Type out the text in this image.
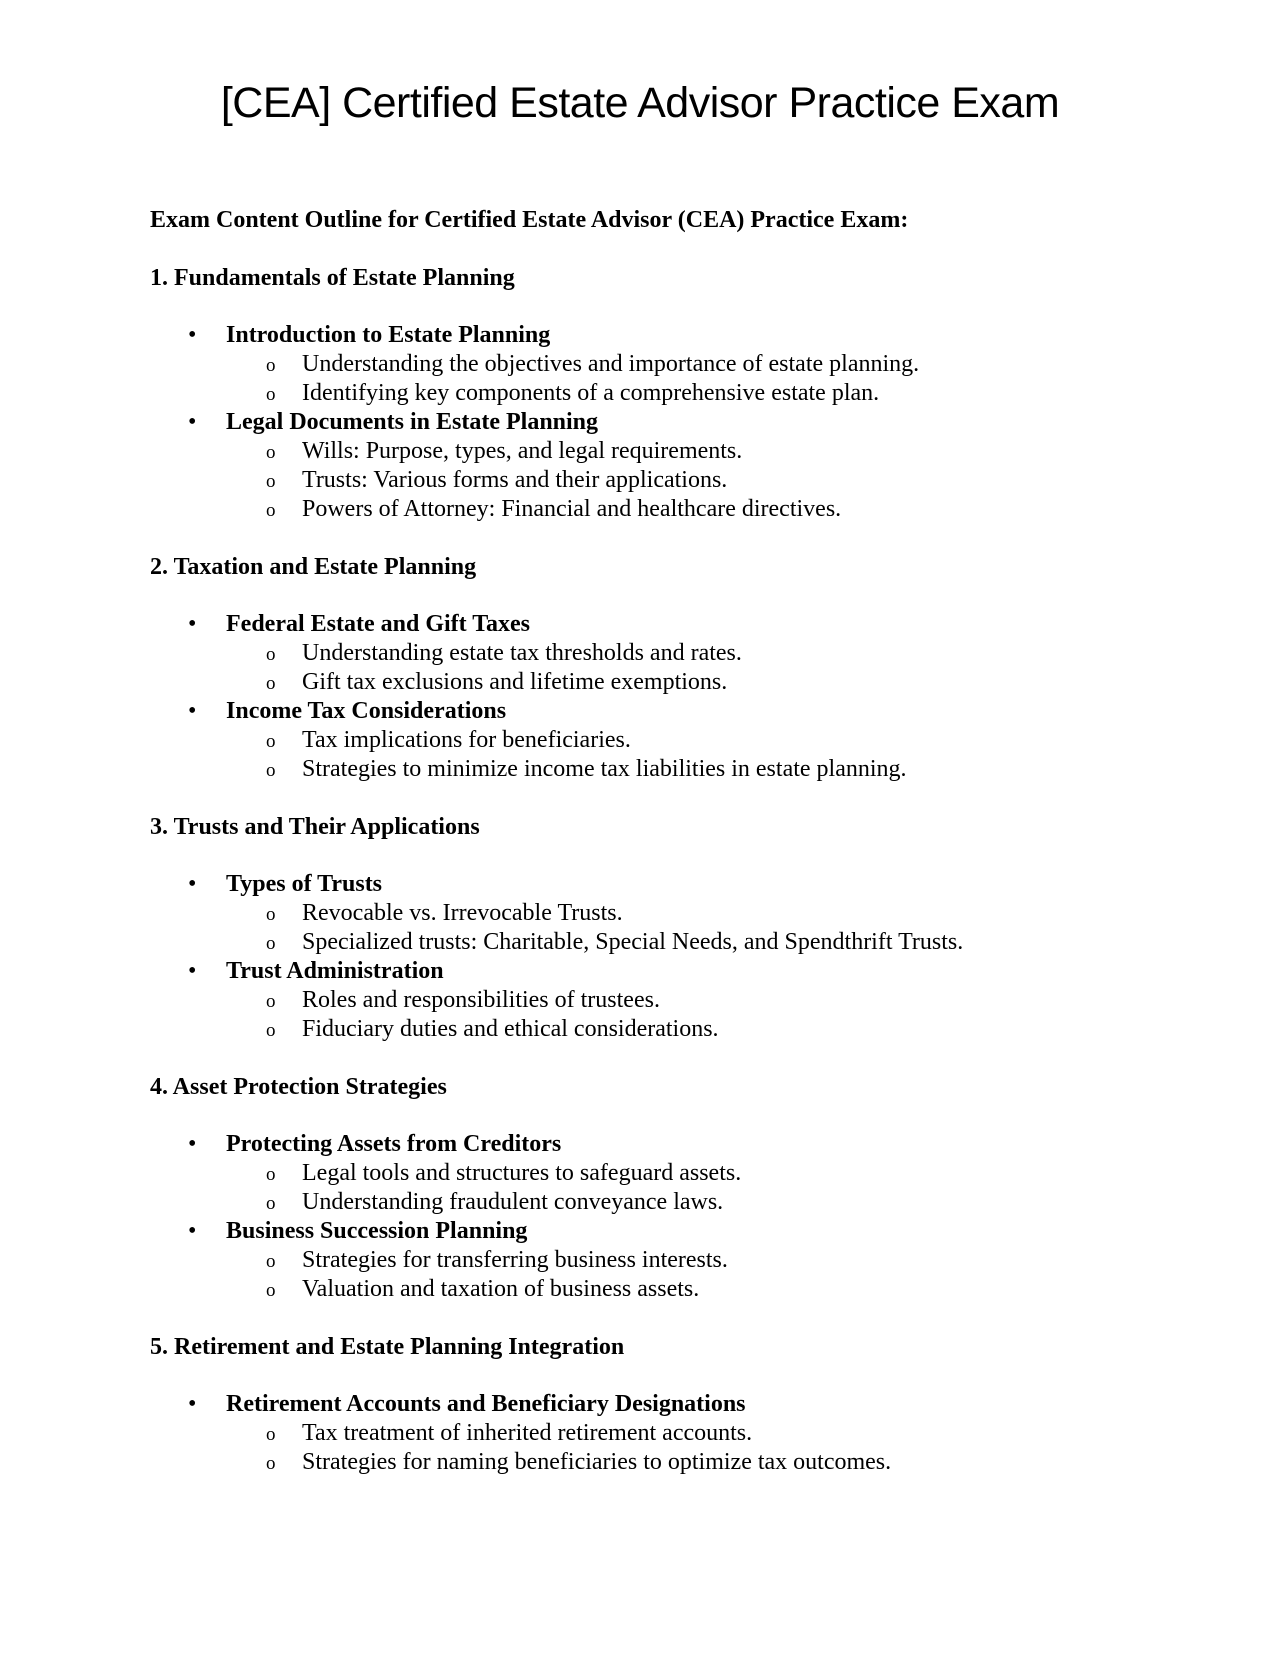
[CEA] Certified Estate Advisor Practice Exam

Exam Content Outline for Certified Estate Advisor (CEA) Practice Exam:

1. Fundamentals of Estate Planning

• Introduction to Estate Planning
o Understanding the objectives and importance of estate planning.
o Identifying key components of a comprehensive estate plan.
• Legal Documents in Estate Planning
o Wills: Purpose, types, and legal requirements.
o Trusts: Various forms and their applications.
o Powers of Attorney: Financial and healthcare directives.

2. Taxation and Estate Planning

• Federal Estate and Gift Taxes
o Understanding estate tax thresholds and rates.
o Gift tax exclusions and lifetime exemptions.
• Income Tax Considerations
o Tax implications for beneficiaries.
o Strategies to minimize income tax liabilities in estate planning.

3. Trusts and Their Applications

• Types of Trusts
o Revocable vs. Irrevocable Trusts.
o Specialized trusts: Charitable, Special Needs, and Spendthrift Trusts.
• Trust Administration
o Roles and responsibilities of trustees.
o Fiduciary duties and ethical considerations.

4. Asset Protection Strategies

• Protecting Assets from Creditors
o Legal tools and structures to safeguard assets.
o Understanding fraudulent conveyance laws.
• Business Succession Planning
o Strategies for transferring business interests.
o Valuation and taxation of business assets.

5. Retirement and Estate Planning Integration

• Retirement Accounts and Beneficiary Designations
o Tax treatment of inherited retirement accounts.
o Strategies for naming beneficiaries to optimize tax outcomes.
